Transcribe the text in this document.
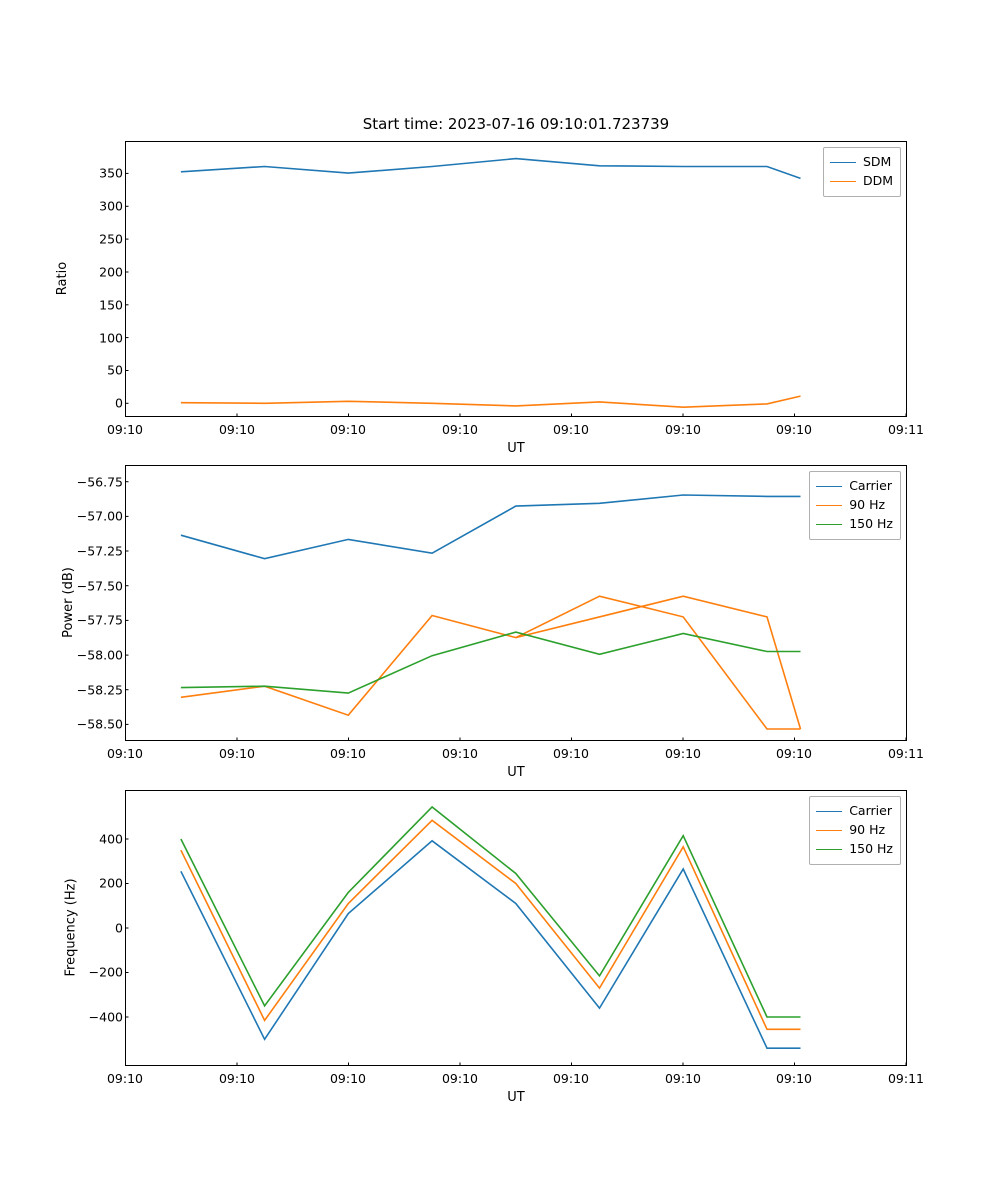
Start time: 2023-07-16 09:10:01.723739
0
50
100
150
200
250
300
350
09:10	09:10	09:10	09:10	09:10	09:10	09:10	09:11
UT
Ratio
SDM
DDM
−58.50
−58.25
−58.00
−57.75
−57.50
−57.25
−57.00
−56.75
09:10	09:10	09:10	09:10	09:10	09:10	09:10	09:11
UT
Power (dB)
Carrier
90 Hz
150 Hz
−400
−200
0
200
400
09:10	09:10	09:10	09:10	09:10	09:10	09:10	09:11
UT
Frequency (Hz)
Carrier
90 Hz
150 Hz
